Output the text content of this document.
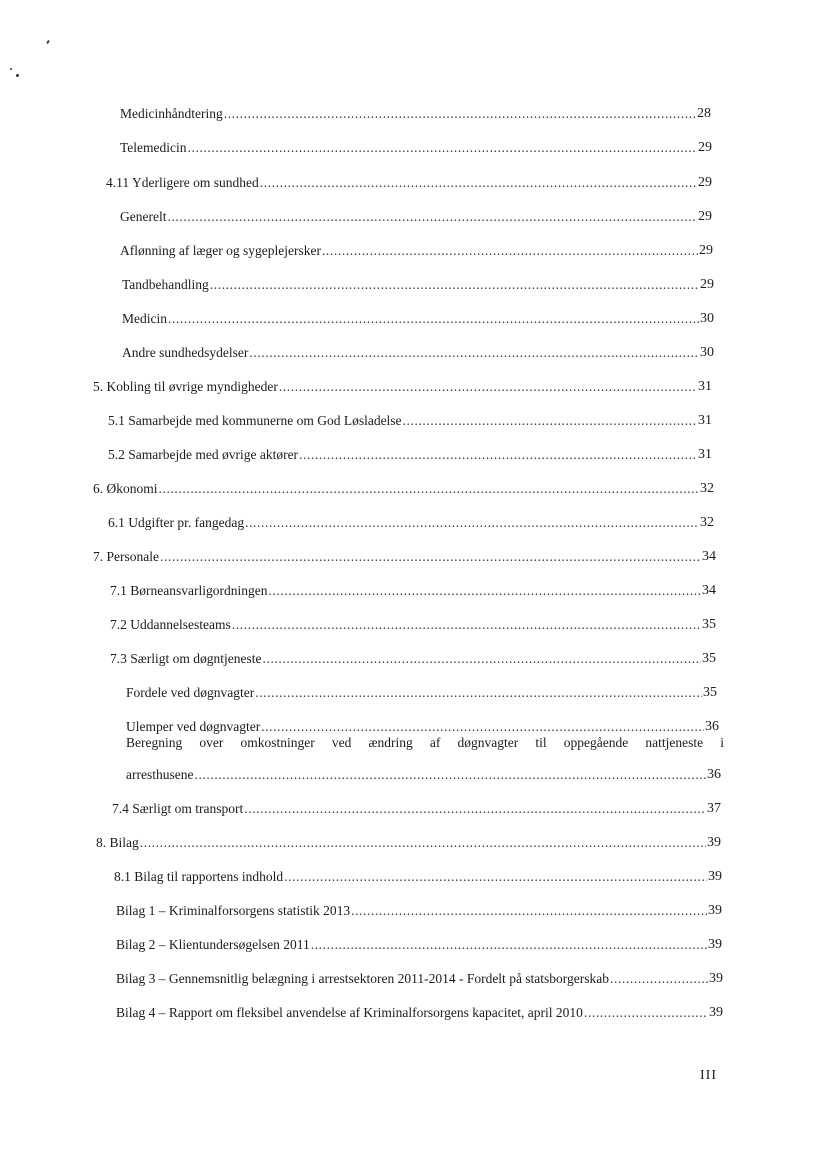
Medicinhåndtering .....	28
Telemedicin .....	29
4.11 Yderligere om sundhed .....	29
Generelt .....	29
Aflønning af læger og sygeplejersker .....	29
Tandbehandling .....	29
Medicin .....	30
Andre sundhedsydelser .....	30
5. Kobling til øvrige myndigheder .....	31
5.1 Samarbejde med kommunerne om God Løsladelse .....	31
5.2 Samarbejde med øvrige aktører .....	31
6. Økonomi .....	32
6.1 Udgifter pr. fangedag .....	32
7. Personale .....	34
7.1 Børneansvarligordningen .....	34
7.2 Uddannelsesteams .....	35
7.3 Særligt om døgntjeneste .....	35
Fordele ved døgnvagter .....	35
Ulemper ved døgnvagter .....	36
Beregning over omkostninger ved ændring af døgnvagter til oppegående nattjeneste i
arresthusene .....	36
7.4 Særligt om transport .....	37
8. Bilag .....	39
8.1 Bilag til rapportens indhold .....	39
Bilag 1 – Kriminalforsorgens statistik 2013 .....	39
Bilag 2 – Klientundersøgelsen 2011 .....	39
Bilag 3 – Gennemsnitlig belægning i arrestsektoren 2011-2014 - Fordelt på statsborgerskab .....	39
Bilag 4 – Rapport om fleksibel anvendelse af Kriminalforsorgens kapacitet, april 2010 .....	39
III
